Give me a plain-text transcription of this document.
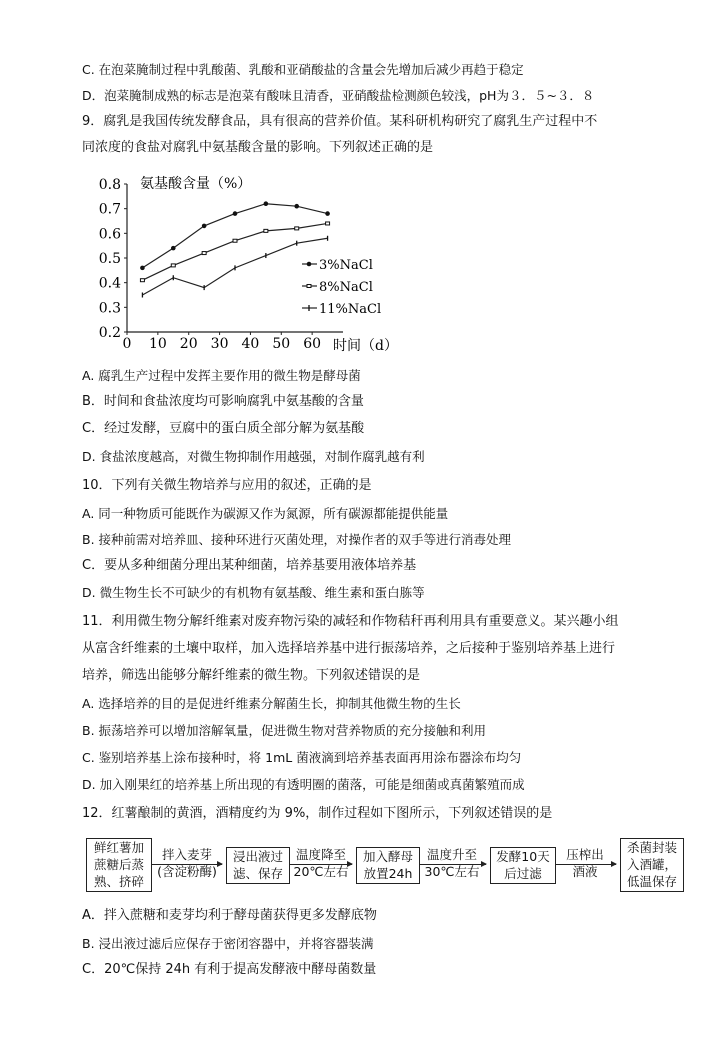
C. 在泡菜腌制过程中乳酸菌、乳酸和亚硝酸盐的含量会先增加后减少再趋于稳定
D．泡菜腌制成熟的标志是泡菜有酸味且清香，亚硝酸盐检测颜色较浅，pH为３．５~３．８
9．腐乳是我国传统发酵食品，具有很高的营养价值。某科研机构研究了腐乳生产过程中不
同浓度的食盐对腐乳中氨基酸含量的影响。下列叙述正确的是
0.2
0.3
0.4
0.5
0.6
0.7
0.8
0 10 20 30 40 50 60
3%NaCl
8%NaCl
11%NaCl
氨基酸含量（%）
时间（d）
A. 腐乳生产过程中发挥主要作用的微生物是酵母菌
B．时间和食盐浓度均可影响腐乳中氨基酸的含量
C．经过发酵，豆腐中的蛋白质全部分解为氨基酸
D. 食盐浓度越高，对微生物抑制作用越强，对制作腐乳越有利
10．下列有关微生物培养与应用的叙述，正确的是
A. 同一种物质可能既作为碳源又作为氮源，所有碳源都能提供能量
B. 接种前需对培养皿、接种环进行灭菌处理，对操作者的双手等进行消毒处理
C．要从多种细菌分理出某种细菌，培养基要用液体培养基
D. 微生物生长不可缺少的有机物有氨基酸、维生素和蛋白胨等
11．利用微生物分解纤维素对废弃物污染的减轻和作物秸秆再利用具有重要意义。某兴趣小组
从富含纤维素的土壤中取样，加入选择培养基中进行振荡培养，之后接种于鉴别培养基上进行
培养，筛选出能够分解纤维素的微生物。下列叙述错误的是
A. 选择培养的目的是促进纤维素分解菌生长，抑制其他微生物的生长
B. 振荡培养可以增加溶解氧量，促进微生物对营养物质的充分接触和利用
C. 鉴别培养基上涂布接种时，将 1mL 菌液滴到培养基表面再用涂布器涂布均匀
D. 加入刚果红的培养基上所出现的有透明圈的菌落，可能是细菌或真菌繁殖而成
12．红薯酿制的黄酒，酒精度约为 9%，制作过程如下图所示，下列叙述错误的是
鲜红薯加
蔗糖后蒸
熟、挤碎
拌入麦芽
(含淀粉酶)
浸出液过
滤、保存
温度降至
20℃左右
加入酵母
放置24h
温度升至
30℃左右
发酵10天
后过滤
压榨出
酒液
杀菌封装
入酒罐，
低温保存
A．拌入蔗糖和麦芽均利于酵母菌获得更多发酵底物
B. 浸出液过滤后应保存于密闭容器中，并将容器装满
C．20℃保持 24h 有利于提高发酵液中酵母菌数量
